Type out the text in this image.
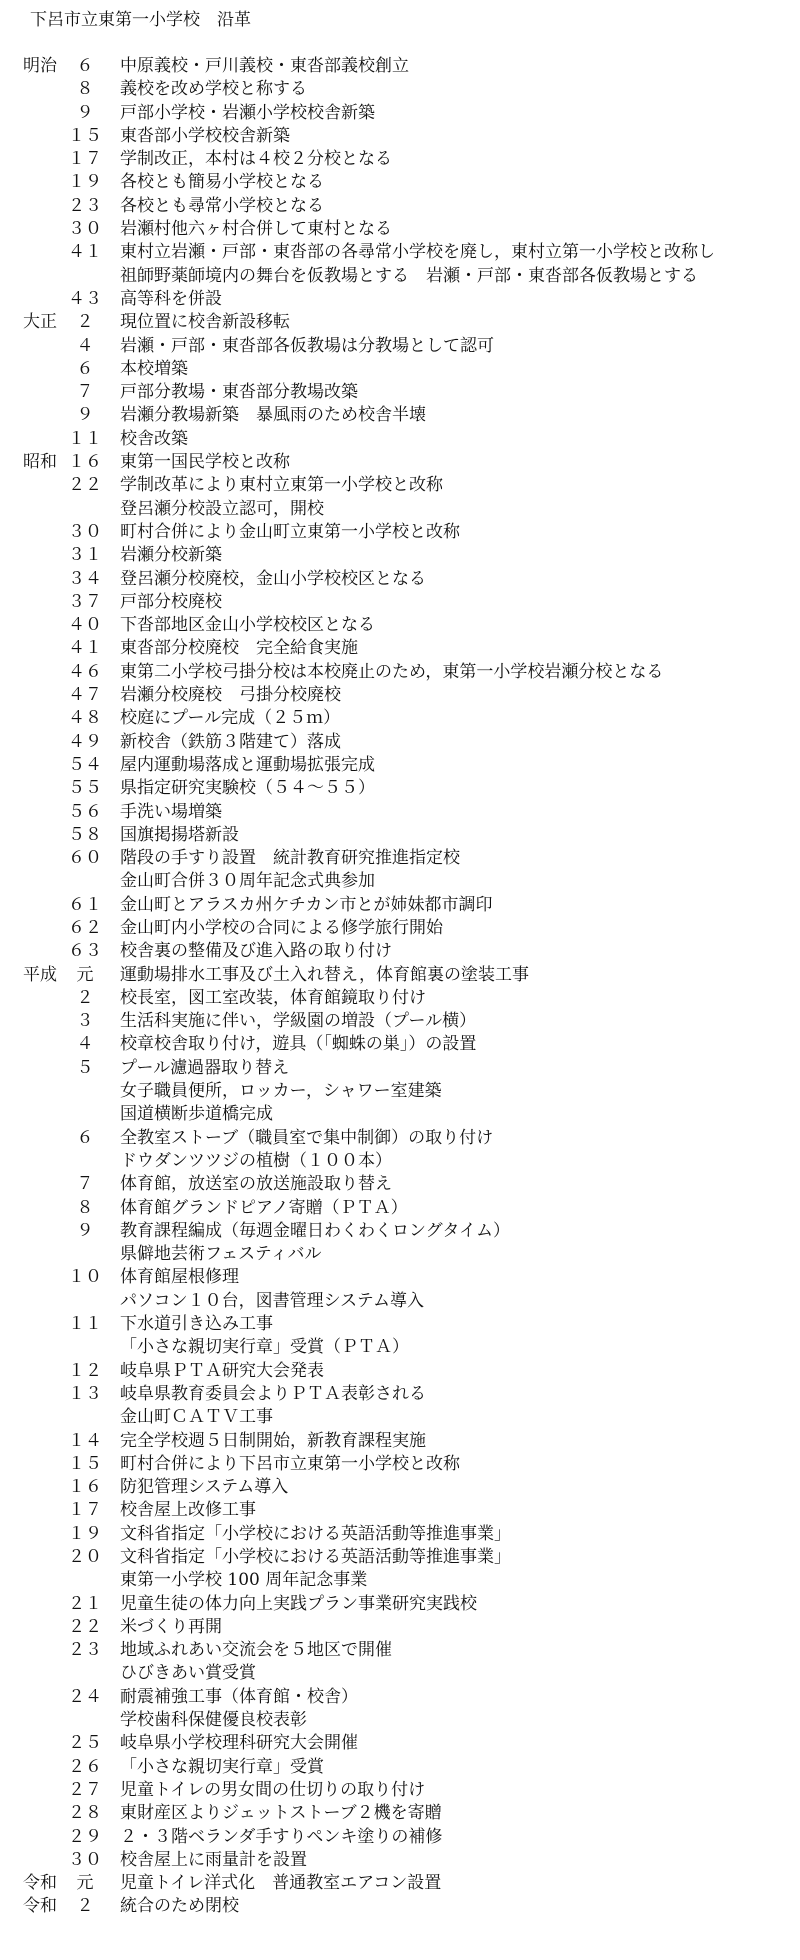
下呂市立東第一小学校　沿革
明治	６	中原義校・戸川義校・東沓部義校創立
８	義校を改め学校と称する
９	戸部小学校・岩瀬小学校校舎新築
１５ 東沓部小学校校舎新築
１７ 学制改正，本村は４校２分校となる
１９ 各校とも簡易小学校となる
２３ 各校とも尋常小学校となる
３０ 岩瀬村他六ヶ村合併して東村となる
４１ 東村立岩瀬・戸部・東沓部の各尋常小学校を廃し，東村立第一小学校と改称し
祖師野薬師境内の舞台を仮教場とする　岩瀬・戸部・東沓部各仮教場とする
４３ 高等科を併設
大正	２	現位置に校舎新設移転
４	岩瀬・戸部・東沓部各仮教場は分教場として認可
６	本校増築
７	戸部分教場・東沓部分教場改築
９	岩瀬分教場新築　暴風雨のため校舎半壊
１１ 校舎改築
昭和 １６ 東第一国民学校と改称
２２ 学制改革により東村立東第一小学校と改称
登呂瀬分校設立認可，開校
３０ 町村合併により金山町立東第一小学校と改称
３１ 岩瀬分校新築
３４ 登呂瀬分校廃校，金山小学校校区となる
３７ 戸部分校廃校
４０ 下沓部地区金山小学校校区となる
４１ 東沓部分校廃校　完全給食実施
４６ 東第二小学校弓掛分校は本校廃止のため，東第一小学校岩瀬分校となる
４７ 岩瀬分校廃校　弓掛分校廃校
４８ 校庭にプール完成（２５ｍ）
４９ 新校舎（鉄筋３階建て）落成
５４ 屋内運動場落成と運動場拡張完成
５５ 県指定研究実験校（５４～５５）
５６ 手洗い場増築
５８ 国旗掲揚塔新設
６０ 階段の手すり設置　統計教育研究推進指定校
金山町合併３０周年記念式典参加
６１ 金山町とアラスカ州ケチカン市とが姉妹都市調印
６２ 金山町内小学校の合同による修学旅行開始
６３ 校舎裏の整備及び進入路の取り付け
平成	元	運動場排水工事及び土入れ替え，体育館裏の塗装工事
２	校長室，図工室改装，体育館鏡取り付け
３	生活科実施に伴い，学級園の増設（プール横）
４	校章校舎取り付け，遊具（「蜘蛛の巣」）の設置
５	プール濾過器取り替え
女子職員便所，ロッカー，シャワー室建築
国道横断歩道橋完成
６	全教室ストーブ（職員室で集中制御）の取り付け
ドウダンツツジの植樹（１００本）
７	体育館，放送室の放送施設取り替え
８	体育館グランドピアノ寄贈（ＰＴＡ）
９	教育課程編成（毎週金曜日わくわくロングタイム）
県僻地芸術フェスティバル
１０ 体育館屋根修理
パソコン１０台，図書管理システム導入
１１ 下水道引き込み工事
「小さな親切実行章」受賞（ＰＴＡ）
１２ 岐阜県ＰＴＡ研究大会発表
１３ 岐阜県教育委員会よりＰＴＡ表彰される
金山町ＣＡＴＶ工事
１４ 完全学校週５日制開始，新教育課程実施
１５ 町村合併により下呂市立東第一小学校と改称
１６ 防犯管理システム導入
１７ 校舎屋上改修工事
１９ 文科省指定「小学校における英語活動等推進事業」
２０ 文科省指定「小学校における英語活動等推進事業」
東第一小学校 100 周年記念事業
２１ 児童生徒の体力向上実践プラン事業研究実践校
２２ 米づくり再開
２３ 地域ふれあい交流会を５地区で開催
ひびきあい賞受賞
２４ 耐震補強工事（体育館・校舎）
学校歯科保健優良校表彰
２５ 岐阜県小学校理科研究大会開催
２６ 「小さな親切実行章」受賞
２７ 児童トイレの男女間の仕切りの取り付け
２８ 東財産区よりジェットストーブ２機を寄贈
２９ ２・３階ベランダ手すりペンキ塗りの補修
３０ 校舎屋上に雨量計を設置
令和	元	児童トイレ洋式化　普通教室エアコン設置
令和	２	統合のため閉校
